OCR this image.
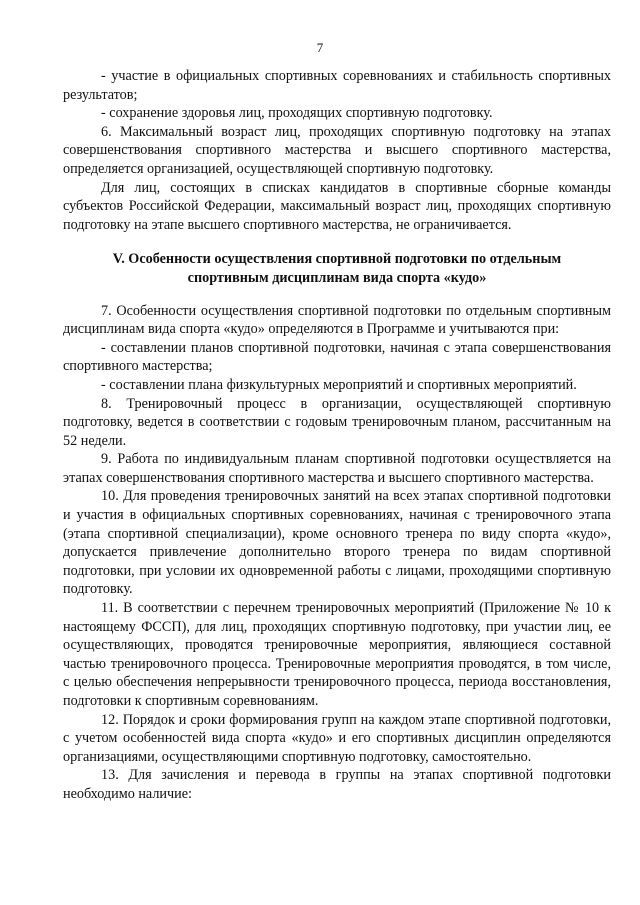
7

- участие в официальных спортивных соревнованиях и стабильность спортивных результатов;

- сохранение здоровья лиц, проходящих спортивную подготовку.

6. Максимальный возраст лиц, проходящих спортивную подготовку на этапах совершенствования спортивного мастерства и высшего спортивного мастерства, определяется организацией, осуществляющей спортивную подготовку.

Для лиц, состоящих в списках кандидатов в спортивные сборные команды субъектов Российской Федерации, максимальный возраст лиц, проходящих спортивную подготовку на этапе высшего спортивного мастерства, не ограничивается.

V. Особенности осуществления спортивной подготовки по отдельным
спортивным дисциплинам вида спорта «кудо»

7. Особенности осуществления спортивной подготовки по отдельным спортивным дисциплинам вида спорта «кудо» определяются в Программе и учитываются при:

- составлении планов спортивной подготовки, начиная с этапа совершенствования спортивного мастерства;

- составлении плана физкультурных мероприятий и спортивных мероприятий.

8. Тренировочный процесс в организации, осуществляющей спортивную подготовку, ведется в соответствии с годовым тренировочным планом, рассчитанным на 52 недели.

9. Работа по индивидуальным планам спортивной подготовки осуществляется на этапах совершенствования спортивного мастерства и высшего спортивного мастерства.

10. Для проведения тренировочных занятий на всех этапах спортивной подготовки и участия в официальных спортивных соревнованиях, начиная с тренировочного этапа (этапа спортивной специализации), кроме основного тренера по виду спорта «кудо», допускается привлечение дополнительно второго тренера по видам спортивной подготовки, при условии их одновременной работы с лицами, проходящими спортивную подготовку.

11. В соответствии с перечнем тренировочных мероприятий (Приложение № 10 к настоящему ФССП), для лиц, проходящих спортивную подготовку, при участии лиц, ее осуществляющих, проводятся тренировочные мероприятия, являющиеся составной частью тренировочного процесса. Тренировочные мероприятия проводятся, в том числе, с целью обеспечения непрерывности тренировочного процесса, периода восстановления, подготовки к спортивным соревнованиям.

12. Порядок и сроки формирования групп на каждом этапе спортивной подготовки, с учетом особенностей вида спорта «кудо» и его спортивных дисциплин определяются организациями, осуществляющими спортивную подготовку, самостоятельно.

13. Для зачисления и перевода в группы на этапах спортивной подготовки необходимо наличие:
